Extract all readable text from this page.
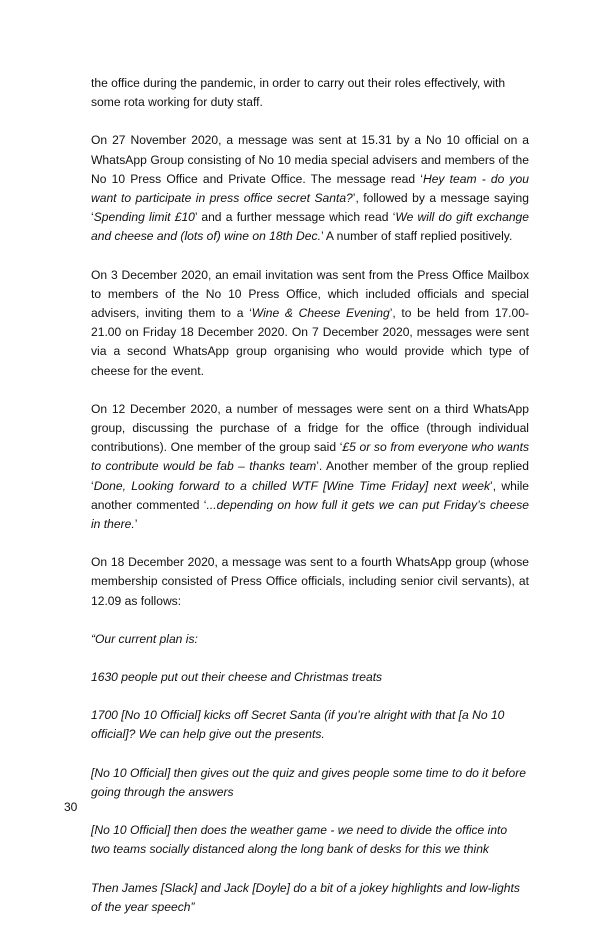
the office during the pandemic, in order to carry out their roles effectively, with some rota working for duty staff.

On 27 November 2020, a message was sent at 15.31 by a No 10 official on a WhatsApp Group consisting of No 10 media special advisers and members of the No 10 Press Office and Private Office. The message read ‘Hey team - do you want to participate in press office secret Santa?’, followed by a message saying ‘Spending limit £10’ and a further message which read ‘We will do gift exchange and cheese and (lots of) wine on 18th Dec.’ A number of staff replied positively.

On 3 December 2020, an email invitation was sent from the Press Office Mailbox to members of the No 10 Press Office, which included officials and special advisers, inviting them to a ‘Wine & Cheese Evening’, to be held from 17.00-21.00 on Friday 18 December 2020. On 7 December 2020, messages were sent via a second WhatsApp group organising who would provide which type of cheese for the event.

On 12 December 2020, a number of messages were sent on a third WhatsApp group, discussing the purchase of a fridge for the office (through individual contributions). One member of the group said ‘£5 or so from everyone who wants to contribute would be fab – thanks team’. Another member of the group replied ‘Done, Looking forward to a chilled WTF [Wine Time Friday] next week’, while another commented ‘...depending on how full it gets we can put Friday’s cheese in there.’

On 18 December 2020, a message was sent to a fourth WhatsApp group (whose membership consisted of Press Office officials, including senior civil servants), at 12.09 as follows:

“Our current plan is:

1630 people put out their cheese and Christmas treats

1700 [No 10 Official] kicks off Secret Santa (if you’re alright with that [a No 10 official]? We can help give out the presents.

[No 10 Official] then gives out the quiz and gives people some time to do it before going through the answers

[No 10 Official] then does the weather game - we need to divide the office into two teams socially distanced along the long bank of desks for this we think

Then James [Slack] and Jack [Doyle] do a bit of a jokey highlights and low-lights of the year speech”

30
